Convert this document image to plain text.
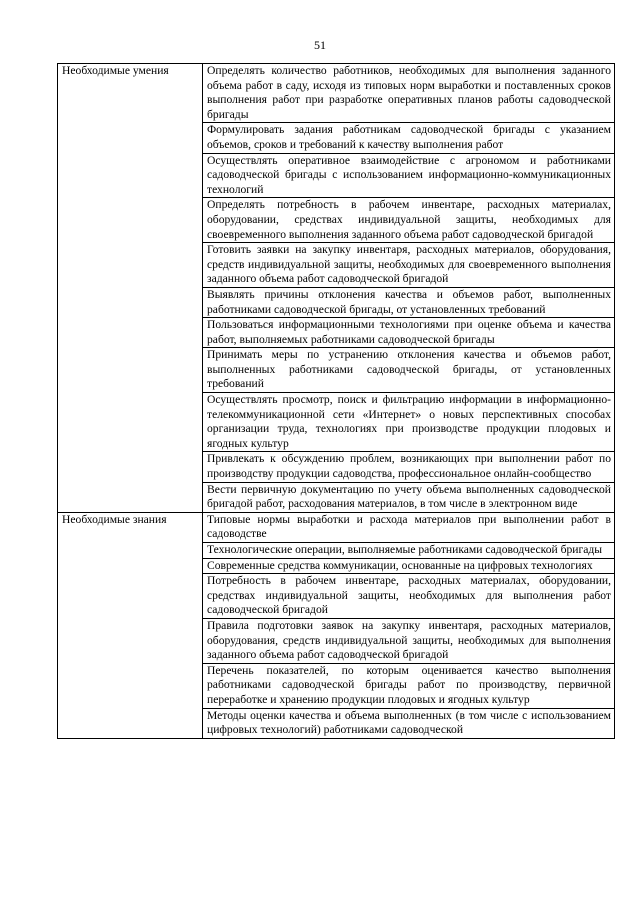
51
Необходимые умения	Определять количество работников, необходимых для выполнения заданного объема работ в саду, исходя из типовых норм выработки и поставленных сроков выполнения работ при разработке оперативных планов работы садоводческой бригады
	Формулировать задания работникам садоводческой бригады с указанием объемов, сроков и требований к качеству выполнения работ
	Осуществлять оперативное взаимодействие с агрономом и работниками садоводческой бригады с использованием информационно-коммуникационных технологий
	Определять потребность в рабочем инвентаре, расходных материалах, оборудовании, средствах индивидуальной защиты, необходимых для своевременного выполнения заданного объема работ садоводческой бригадой
	Готовить заявки на закупку инвентаря, расходных материалов, оборудования, средств индивидуальной защиты, необходимых для своевременного выполнения заданного объема работ садоводческой бригадой
	Выявлять причины отклонения качества и объемов работ, выполненных работниками садоводческой бригады, от установленных требований
	Пользоваться информационными технологиями при оценке объема и качества работ, выполняемых работниками садоводческой бригады
	Принимать меры по устранению отклонения качества и объемов работ, выполненных работниками садоводческой бригады, от установленных требований
	Осуществлять просмотр, поиск и фильтрацию информации в информационно-телекоммуникационной сети «Интернет» о новых перспективных способах организации труда, технологиях при производстве продукции плодовых и ягодных культур
	Привлекать к обсуждению проблем, возникающих при выполнении работ по производству продукции садоводства, профессиональное онлайн-сообщество
	Вести первичную документацию по учету объема выполненных садоводческой бригадой работ, расходования материалов, в том числе в электронном виде
Необходимые знания	Типовые нормы выработки и расхода материалов при выполнении работ в садоводстве
	Технологические операции, выполняемые работниками садоводческой бригады
	Современные средства коммуникации, основанные на цифровых технологиях
	Потребность в рабочем инвентаре, расходных материалах, оборудовании, средствах индивидуальной защиты, необходимых для выполнения работ садоводческой бригадой
	Правила подготовки заявок на закупку инвентаря, расходных материалов, оборудования, средств индивидуальной защиты, необходимых для выполнения заданного объема работ садоводческой бригадой
	Перечень показателей, по которым оценивается качество выполнения работниками садоводческой бригады работ по производству, первичной переработке и хранению продукции плодовых и ягодных культур
	Методы оценки качества и объема выполненных (в том числе с использованием цифровых технологий) работниками садоводческой
